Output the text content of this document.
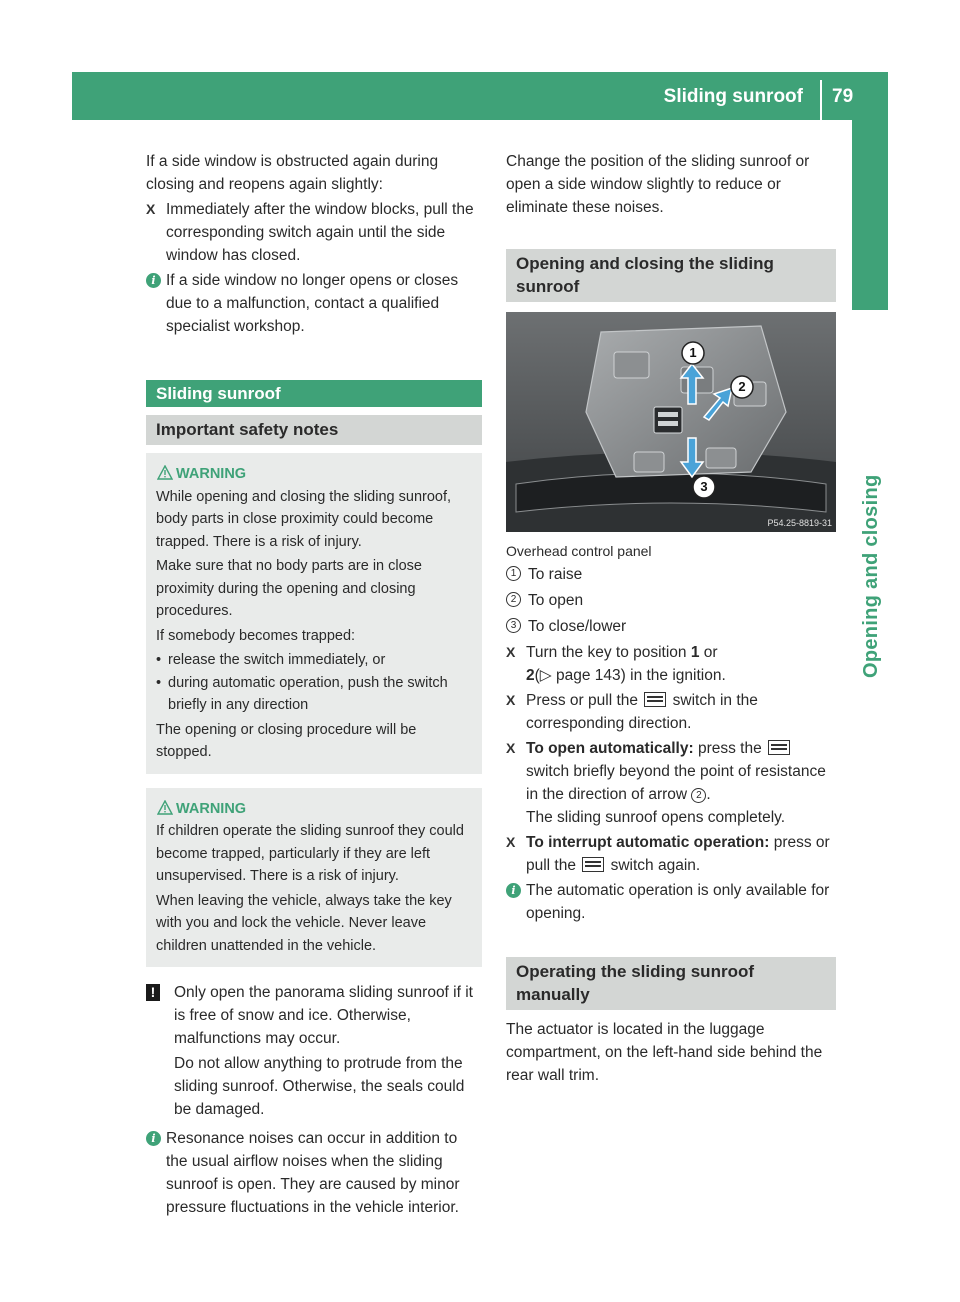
Sliding sunroof	79
Opening and closing

If a side window is obstructed again during closing and reopens again slightly:

X Immediately after the window blocks, pull the corresponding switch again until the side window has closed.
i If a side window no longer opens or closes due to a malfunction, contact a qualified specialist workshop.
Sliding sunroof
Important safety notes
WARNING

While opening and closing the sliding sunroof, body parts in close proximity could become trapped. There is a risk of injury.

Make sure that no body parts are in close proximity during the opening and closing procedures.

If somebody becomes trapped:

• release the switch immediately, or
• during automatic operation, push the switch briefly in any direction

The opening or closing procedure will be stopped.

WARNING

If children operate the sliding sunroof they could become trapped, particularly if they are left unsupervised. There is a risk of injury.

When leaving the vehicle, always take the key with you and lock the vehicle. Never leave children unattended in the vehicle.

!	Only open the panorama sliding sunroof if it is free of snow and ice. Otherwise, malfunctions may occur.

Do not allow anything to protrude from the sliding sunroof. Otherwise, the seals could be damaged.

i Resonance noises can occur in addition to the usual airflow noises when the sliding sunroof is open. They are caused by minor pressure fluctuations in the vehicle interior.

Change the position of the sliding sunroof or open a side window slightly to reduce or eliminate these noises.

Opening and closing the sliding sunroof
1
2
3
P54.25-8819-31

Overhead control panel

1 To raise
2 To open
3 To close/lower
X Turn the key to position 1 or
2(▷ page 143) in the ignition.
X Press or pull the  switch in the corresponding direction.
X To open automatically: press the  switch briefly beyond the point of resistance in the direction of arrow 2 .

The sliding sunroof opens completely.

X To interrupt automatic operation: press or pull the  switch again.
i The automatic operation is only available for opening.
Operating the sliding sunroof manually

The actuator is located in the luggage compartment, on the left-hand side behind the rear wall trim.
